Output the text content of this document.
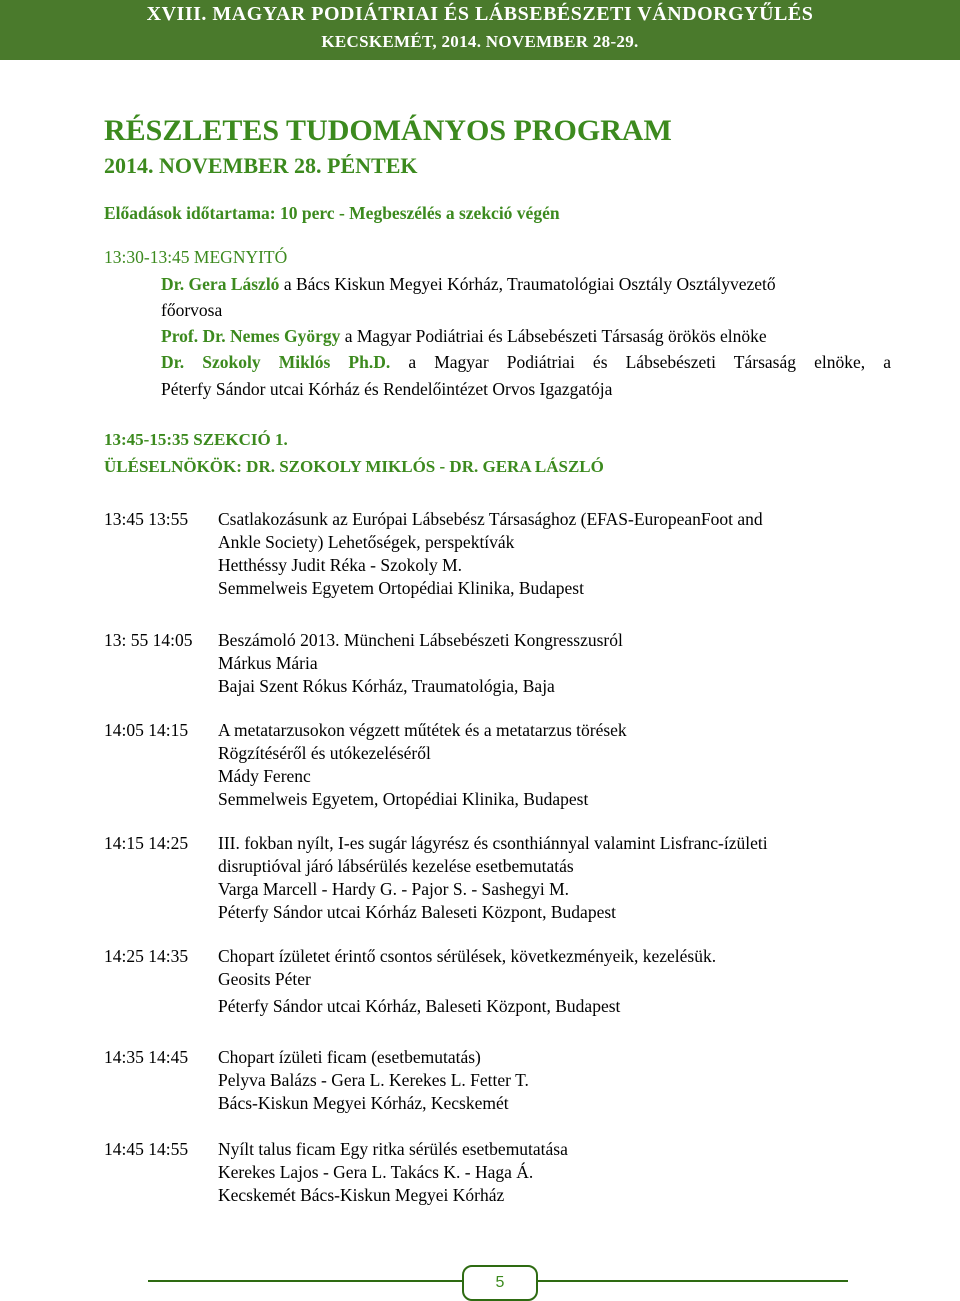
XVIII. MAGYAR PODIÁTRIAI ÉS LÁBSEBÉSZETI VÁNDORGYŰLÉS
KECSKEMÉT, 2014. NOVEMBER 28-29.
RÉSZLETES TUDOMÁNYOS PROGRAM
2014. NOVEMBER 28. PÉNTEK
Előadások időtartama: 10 perc - Megbeszélés a szekció végén
13:30-13:45 MEGNYITÓ
Dr. Gera László a Bács Kiskun Megyei Kórház, Traumatológiai Osztály Osztályvezető
főorvosa
Prof. Dr. Nemes György a Magyar Podiátriai és Lábsebészeti Társaság örökös elnöke
Dr. Szokoly Miklós Ph.D. a Magyar Podiátriai és Lábsebészeti Társaság elnöke, a
Péterfy Sándor utcai Kórház és Rendelőintézet Orvos Igazgatója
13:45-15:35 SZEKCIÓ 1.
ÜLÉSELNÖKÖK: DR. SZOKOLY MIKLÓS - DR. GERA LÁSZLÓ
13:45 13:55 Csatlakozásunk az Európai Lábsebész Társasághoz (EFAS-EuropeanFoot and
Ankle Society) Lehetőségek, perspektívák
Hetthéssy Judit Réka - Szokoly M.
Semmelweis Egyetem Ortopédiai Klinika, Budapest
13: 55 14:05 Beszámoló 2013. Müncheni Lábsebészeti Kongresszusról
Márkus Mária
Bajai Szent Rókus Kórház, Traumatológia, Baja
14:05 14:15 A metatarzusokon végzett műtétek és a metatarzus törések
Rögzítéséről és utókezeléséről
Mády Ferenc
Semmelweis Egyetem, Ortopédiai Klinika, Budapest
14:15 14:25 III. fokban nyílt, I-es sugár lágyrész és csonthiánnyal valamint Lisfranc-ízületi
disruptióval járó lábsérülés kezelése esetbemutatás
Varga Marcell - Hardy G. - Pajor S. - Sashegyi M.
Péterfy Sándor utcai Kórház Baleseti Központ, Budapest
14:25 14:35 Chopart ízületet érintő csontos sérülések, következményeik, kezelésük.
Geosits Péter
Péterfy Sándor utcai Kórház, Baleseti Központ, Budapest
14:35 14:45 Chopart ízületi ficam (esetbemutatás)
Pelyva Balázs - Gera L. Kerekes L. Fetter T.
Bács-Kiskun Megyei Kórház, Kecskemét
14:45 14:55 Nyílt talus ficam Egy ritka sérülés esetbemutatása
Kerekes Lajos - Gera L. Takács K. - Haga Á.
Kecskemét Bács-Kiskun Megyei Kórház
5
